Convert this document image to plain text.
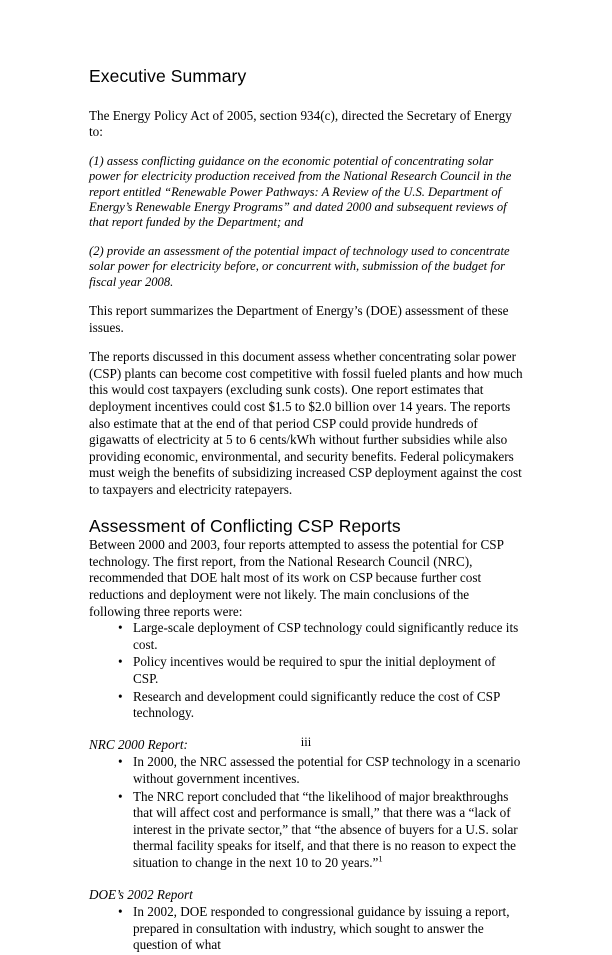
Executive Summary

The Energy Policy Act of 2005, section 934(c), directed the Secretary of Energy to:

(1) assess conflicting guidance on the economic potential of concentrating solar power for electricity production received from the National Research Council in the report entitled “Renewable Power Pathways: A Review of the U.S. Department of Energy’s Renewable Energy Programs” and dated 2000 and subsequent reviews of that report funded by the Department; and

(2) provide an assessment of the potential impact of technology used to concentrate solar power for electricity before, or concurrent with, submission of the budget for fiscal year 2008.

This report summarizes the Department of Energy’s (DOE) assessment of these issues.

The reports discussed in this document assess whether concentrating solar power (CSP) plants can become cost competitive with fossil fueled plants and how much this would cost taxpayers (excluding sunk costs). One report estimates that deployment incentives could cost $1.5 to $2.0 billion over 14 years. The reports also estimate that at the end of that period CSP could provide hundreds of gigawatts of electricity at 5 to 6 cents/kWh without further subsidies while also providing economic, environmental, and security benefits. Federal policymakers must weigh the benefits of subsidizing increased CSP deployment against the cost to taxpayers and electricity ratepayers.

Assessment of Conflicting CSP Reports

Between 2000 and 2003, four reports attempted to assess the potential for CSP technology. The first report, from the National Research Council (NRC), recommended that DOE halt most of its work on CSP because further cost reductions and deployment were not likely. The main conclusions of the following three reports were:

• Large-scale deployment of CSP technology could significantly reduce its cost.
• Policy incentives would be required to spur the initial deployment of CSP.
• Research and development could significantly reduce the cost of CSP technology.

NRC 2000 Report:

• In 2000, the NRC assessed the potential for CSP technology in a scenario without government incentives.
• The NRC report concluded that “the likelihood of major breakthroughs that will affect cost and performance is small,” that there was a “lack of interest in the private sector,” that “the absence of buyers for a U.S. solar thermal facility speaks for itself, and that there is no reason to expect the situation to change in the next 10 to 20 years.”$^1$

DOE’s 2002 Report

• In 2002, DOE responded to congressional guidance by issuing a report, prepared in consultation with industry, which sought to answer the question of what
iii
